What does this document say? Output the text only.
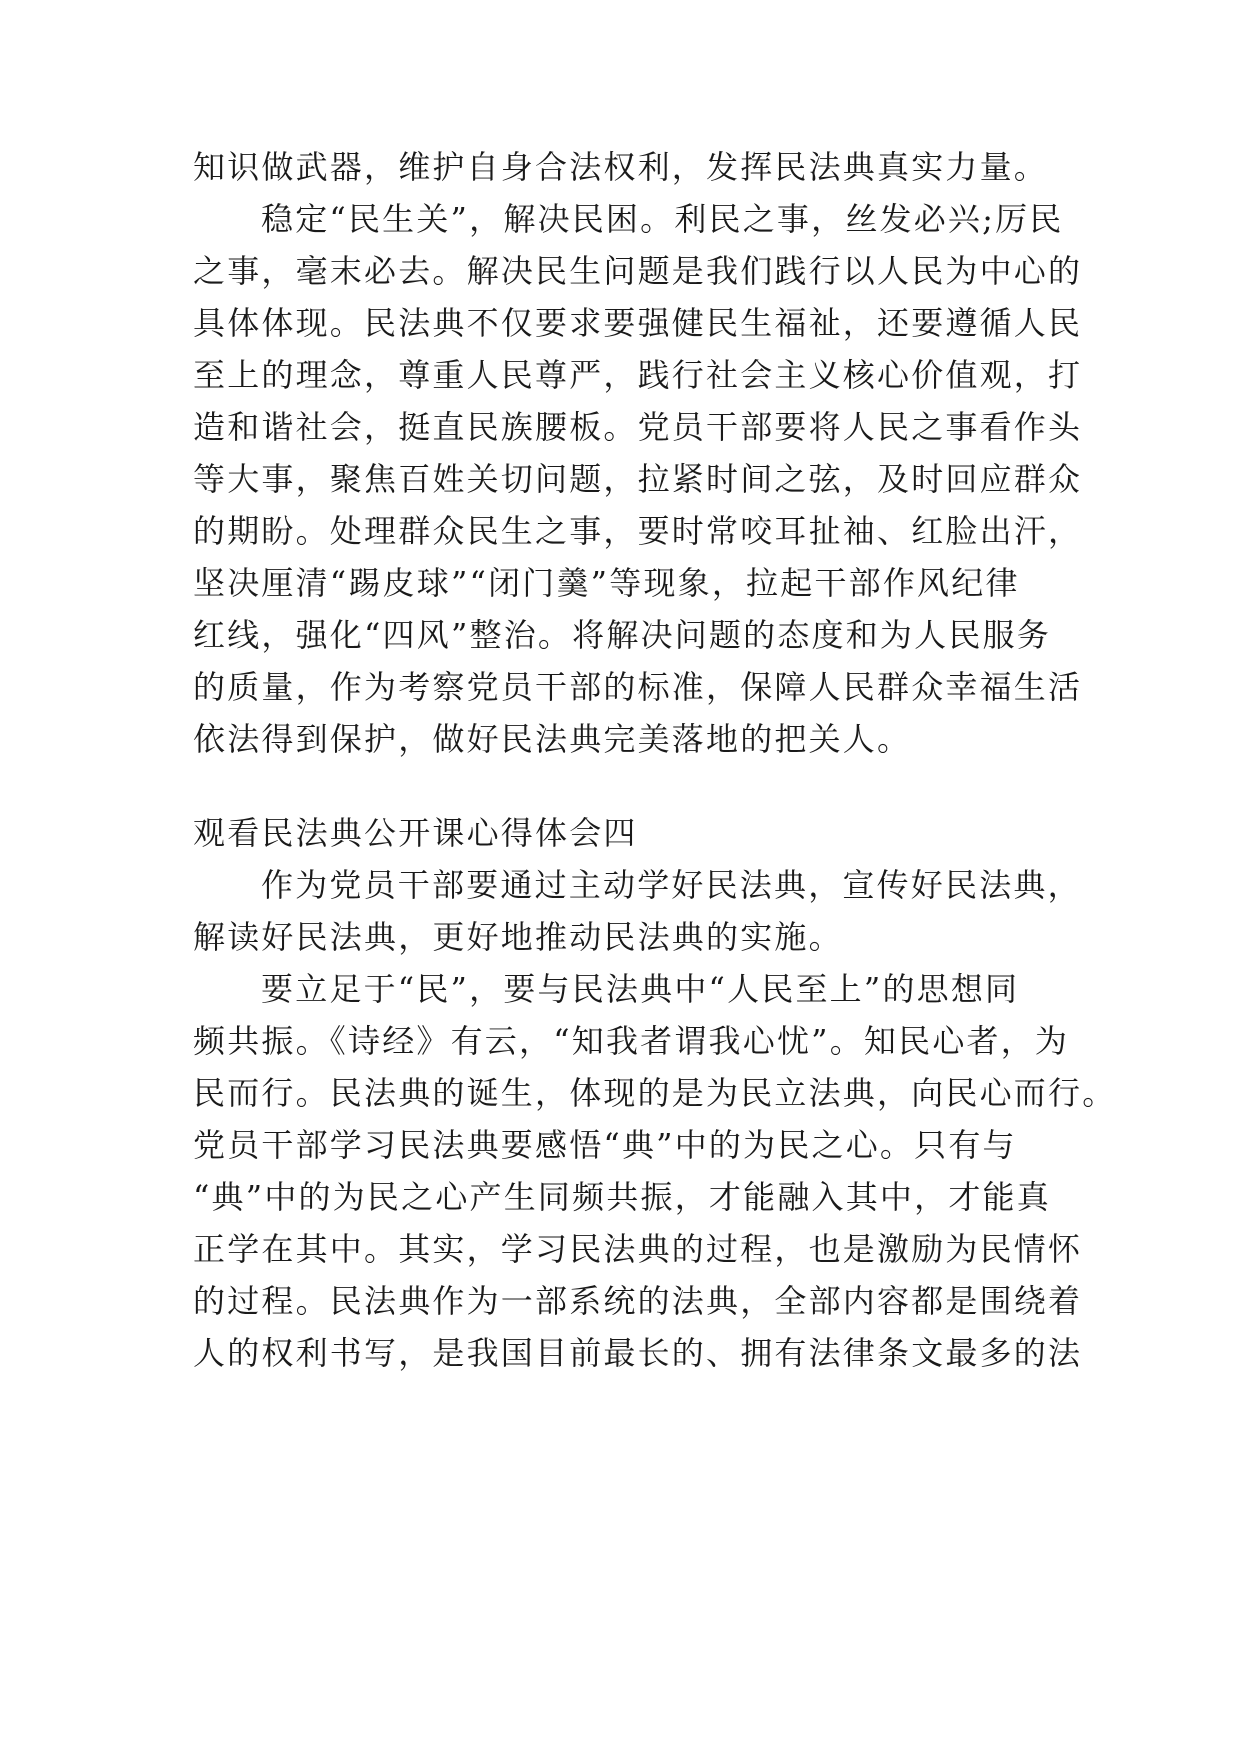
知识做武器，维护自身合法权利，发挥民法典真实力量。
稳定“民生关”，解决民困。利民之事，丝发必兴;厉民
之事，毫末必去。解决民生问题是我们践行以人民为中心的
具体体现。民法典不仅要求要强健民生福祉，还要遵循人民
至上的理念，尊重人民尊严，践行社会主义核心价值观，打
造和谐社会，挺直民族腰板。党员干部要将人民之事看作头
等大事，聚焦百姓关切问题，拉紧时间之弦，及时回应群众
的期盼。处理群众民生之事，要时常咬耳扯袖、红脸出汗，
坚决厘清“踢皮球”“闭门羹”等现象，拉起干部作风纪律
红线，强化“四风”整治。将解决问题的态度和为人民服务
的质量，作为考察党员干部的标准，保障人民群众幸福生活
依法得到保护，做好民法典完美落地的把关人。
观看民法典公开课心得体会四
作为党员干部要通过主动学好民法典，宣传好民法典，
解读好民法典，更好地推动民法典的实施。
要立足于“民”，要与民法典中“人民至上”的思想同
频共振。《诗经》有云，“知我者谓我心忧”。知民心者，为
民而行。民法典的诞生，体现的是为民立法典，向民心而行。
党员干部学习民法典要感悟“典”中的为民之心。只有与
“典”中的为民之心产生同频共振，才能融入其中，才能真
正学在其中。其实，学习民法典的过程，也是激励为民情怀
的过程。民法典作为一部系统的法典，全部内容都是围绕着
人的权利书写，是我国目前最长的、拥有法律条文最多的法
